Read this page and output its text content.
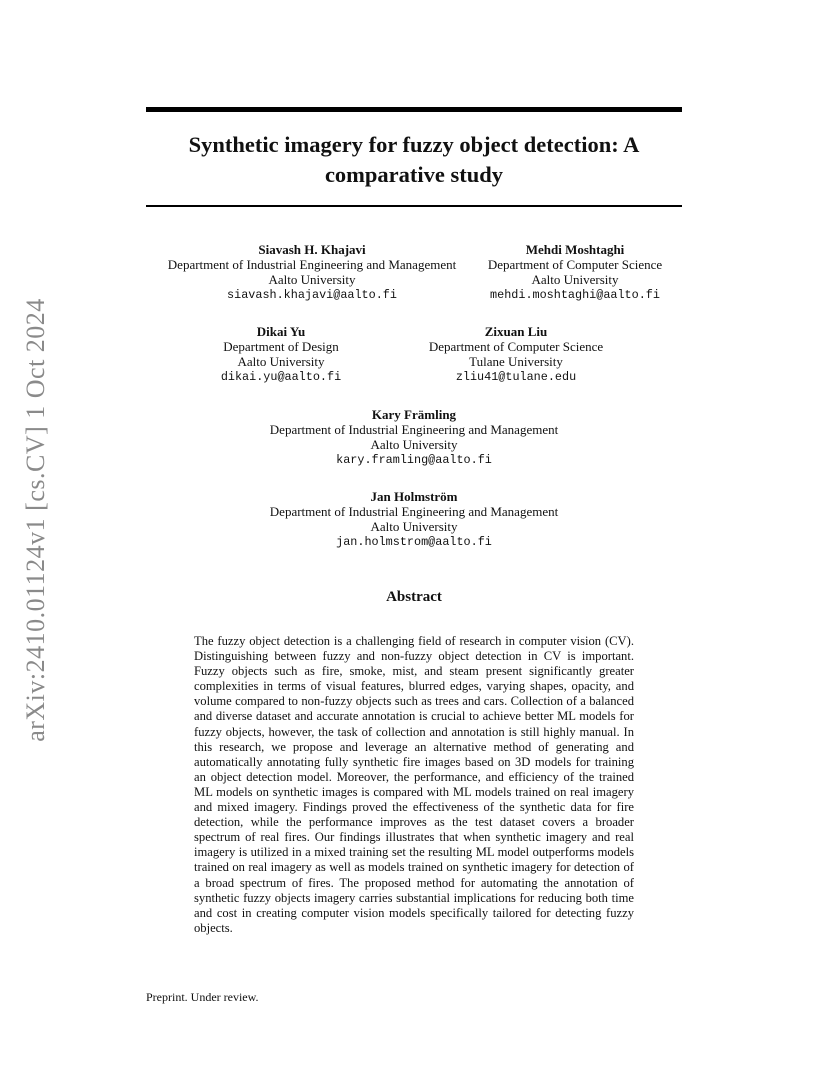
arXiv:2410.01124v1 [cs.CV] 1 Oct 2024
Synthetic imagery for fuzzy object detection: A comparative study
Siavash H. Khajavi
Department of Industrial Engineering and Management
Aalto University
siavash.khajavi@aalto.fi
Mehdi Moshtaghi
Department of Computer Science
Aalto University
mehdi.moshtaghi@aalto.fi
Dikai Yu
Department of Design
Aalto University
dikai.yu@aalto.fi
Zixuan Liu
Department of Computer Science
Tulane University
zliu41@tulane.edu
Kary Främling
Department of Industrial Engineering and Management
Aalto University
kary.framling@aalto.fi
Jan Holmström
Department of Industrial Engineering and Management
Aalto University
jan.holmstrom@aalto.fi
Abstract

The fuzzy object detection is a challenging field of research in computer vision (CV). Distinguishing between fuzzy and non-fuzzy object detection in CV is important. Fuzzy objects such as fire, smoke, mist, and steam present significantly greater complexities in terms of visual features, blurred edges, varying shapes, opacity, and volume compared to non-fuzzy objects such as trees and cars. Collection of a balanced and diverse dataset and accurate annotation is crucial to achieve better ML models for fuzzy objects, however, the task of collection and annotation is still highly manual. In this research, we propose and leverage an alternative method of generating and automatically annotating fully synthetic fire images based on 3D models for training an object detection model. Moreover, the performance, and efficiency of the trained ML models on synthetic images is compared with ML models trained on real imagery and mixed imagery. Findings proved the effectiveness of the synthetic data for fire detection, while the performance improves as the test dataset covers a broader spectrum of real fires. Our findings illustrates that when synthetic imagery and real imagery is utilized in a mixed training set the resulting ML model outperforms models trained on real imagery as well as models trained on synthetic imagery for detection of a broad spectrum of fires. The proposed method for automating the annotation of synthetic fuzzy objects imagery carries substantial implications for reducing both time and cost in creating computer vision models specifically tailored for detecting fuzzy objects.

Preprint. Under review.
